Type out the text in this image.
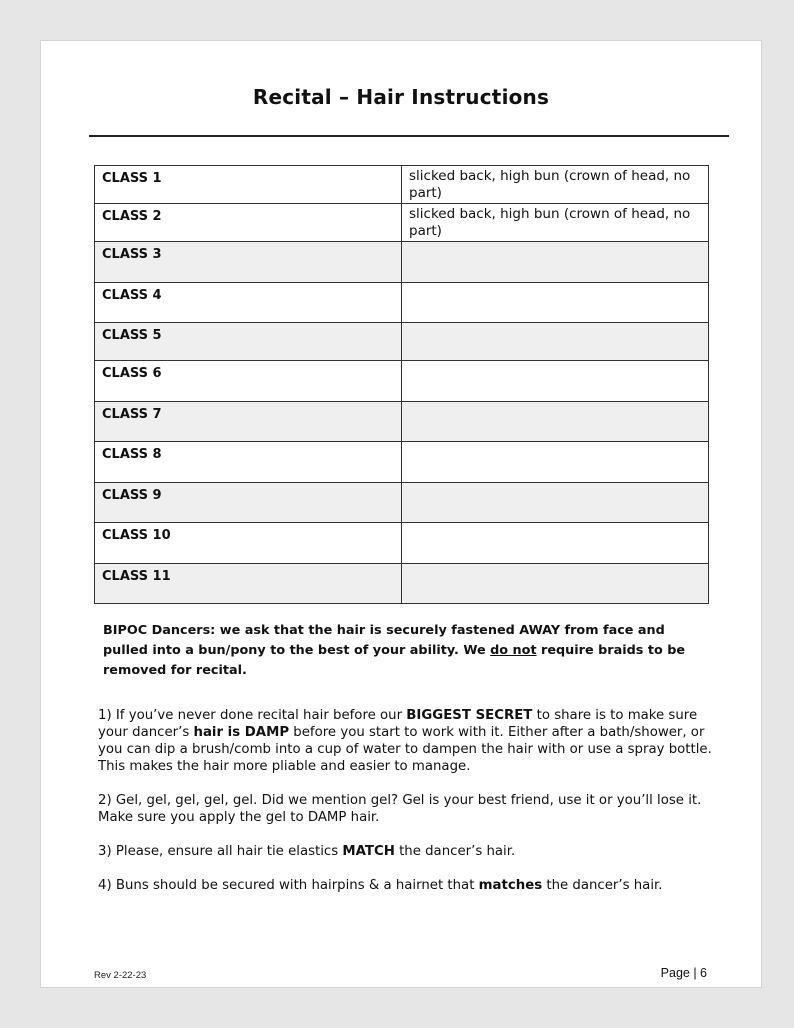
Recital – Hair Instructions
CLASS 1	slicked back, high bun (crown of head, no part)
CLASS 2	slicked back, high bun (crown of head, no part)
CLASS 3	
CLASS 4	
CLASS 5	
CLASS 6	
CLASS 7	
CLASS 8	
CLASS 9	
CLASS 10	
CLASS 11	
BIPOC Dancers: we ask that the hair is securely fastened AWAY from face and pulled into a bun/pony to the best of your ability. We do not require braids to be removed for recital.

1) If you’ve never done recital hair before our BIGGEST SECRET to share is to make sure your dancer’s hair is DAMP before you start to work with it. Either after a bath/shower, or you can dip a brush/comb into a cup of water to dampen the hair with or use a spray bottle. This makes the hair more pliable and easier to manage.

2) Gel, gel, gel, gel, gel. Did we mention gel? Gel is your best friend, use it or you’ll lose it. Make sure you apply the gel to DAMP hair.

3) Please, ensure all hair tie elastics MATCH the dancer’s hair.

4) Buns should be secured with hairpins & a hairnet that matches the dancer’s hair.

Rev 2-22-23	Page | 6
